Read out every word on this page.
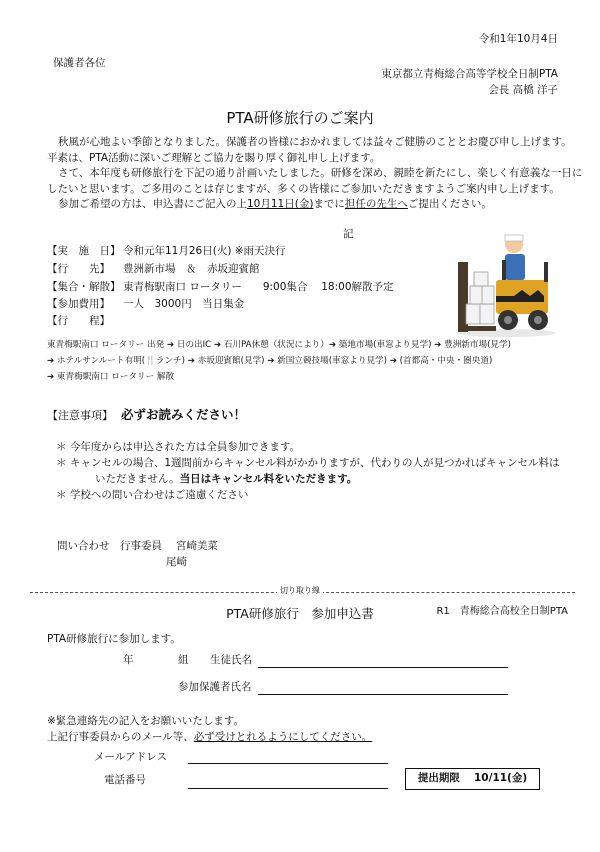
令和1年10月4日
保護者各位
東京都立青梅総合高等学校全日制PTA
会長 高橋 洋子
PTA研修旅行のご案内
秋風が心地よい季節となりました。保護者の皆様におかれましては益々ご健勝のこととお慶び申し上げます。
平素は、PTA活動に深いご理解とご協力を賜り厚く御礼申し上げます。
さて、本年度も研修旅行を下記の通り計画いたしました。研修を深め、親睦を新たにし、楽しく有意義な一日に
したいと思います。ご多用のことは存じますが、多くの皆様にご参加いただきますようご案内申し上げます。
参加ご希望の方は、申込書にご記入の上10月11日(金)までに担任の先生へご提出ください。
記
【実　施　日】 令和元年11月26日(火) ※雨天決行
【行　　先】 豊洲新市場　＆　赤坂迎賓館
【集合・解散】 東青梅駅南口 ロータリー　　9:00集合　 18:00解散予定
【参加費用】 一人　3000円　当日集金
【行　　程】
東青梅駅南口 ロータリー 出発 ➔ 日の出IC ➔ 石川PA休憩（状況により）➔ 築地市場(車窓より見学) ➔ 豊洲新市場(見学)
➔ ホテルサンルート有明(🍴ランチ) ➔ 赤坂迎賓館(見学) ➔ 新国立競技場(車窓より見学) ➔ (首都高・中央・圏央道)
➔ 東青梅駅南口 ロータリー 解散
【注意事項】 必ずお読みください！
＊ 今年度からは申込された方は全員参加できます。
＊ キャンセルの場合、1週間前からキャンセル料がかかりますが、代わりの人が見つかればキャンセル料は
いただきません。当日はキャンセル料をいただきます。
＊ 学校への問い合わせはご遠慮ください
問い合わせ　行事委員　 宮崎美菜
尾崎
切り取り線
PTA研修旅行　参加申込書	R1　青梅総合高校全日制PTA
PTA研修旅行に参加します。
年	組 生徒氏名
参加保護者氏名
※緊急連絡先の記入をお願いいたします。
上記行事委員からのメール等、必ず受けとれるようにしてください。
メールアドレス
電話番号	提出期限　 10/11(金)
